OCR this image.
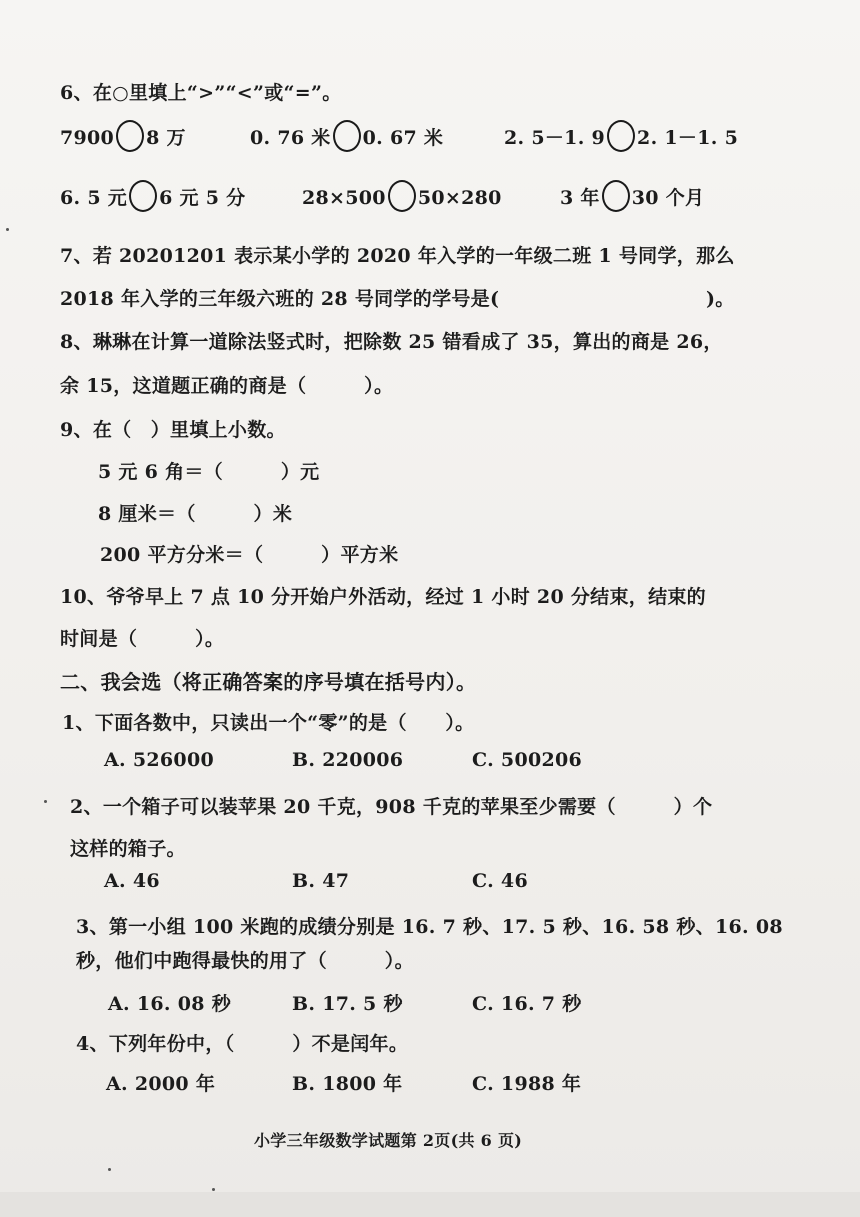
6、在○里填上“>”“<”或“=”。
7900 8 万	0. 76 米 0. 67 米	2. 5－1. 9 2. 1－1. 5
6. 5 元 6 元 5 分	28×500 50×280	3 年 30 个月
7、若 20201201 表示某小学的 2020 年入学的一年级二班 1 号同学，那么
2018 年入学的三年级六班的 28 号同学的学号是(	)。
8、琳琳在计算一道除法竖式时，把除数 25 错看成了 35，算出的商是 26，
余 15，这道题正确的商是（　　　）。
9、在（　）里填上小数。
5 元 6 角＝（　　　）元
8 厘米＝（　　　）米
200 平方分米＝（　　　）平方米
10、爷爷早上 7 点 10 分开始户外活动，经过 1 小时 20 分结束，结束的
时间是（　　　）。
二、我会选（将正确答案的序号填在括号内）。
1、下面各数中，只读出一个“零”的是（　　）。
A. 526000	B. 220006	C. 500206
2、一个箱子可以装苹果 20 千克，908 千克的苹果至少需要（　　　）个
这样的箱子。
A. 46	B. 47	C. 46
3、第一小组 100 米跑的成绩分别是 16. 7 秒、17. 5 秒、16. 58 秒、16. 08
秒，他们中跑得最快的用了（　　　）。
A. 16. 08 秒	B. 17. 5 秒	C. 16. 7 秒
4、下列年份中，（　　　）不是闰年。
A. 2000 年	B. 1800 年	C. 1988 年
小学三年级数学试题第 2页(共 6 页)
